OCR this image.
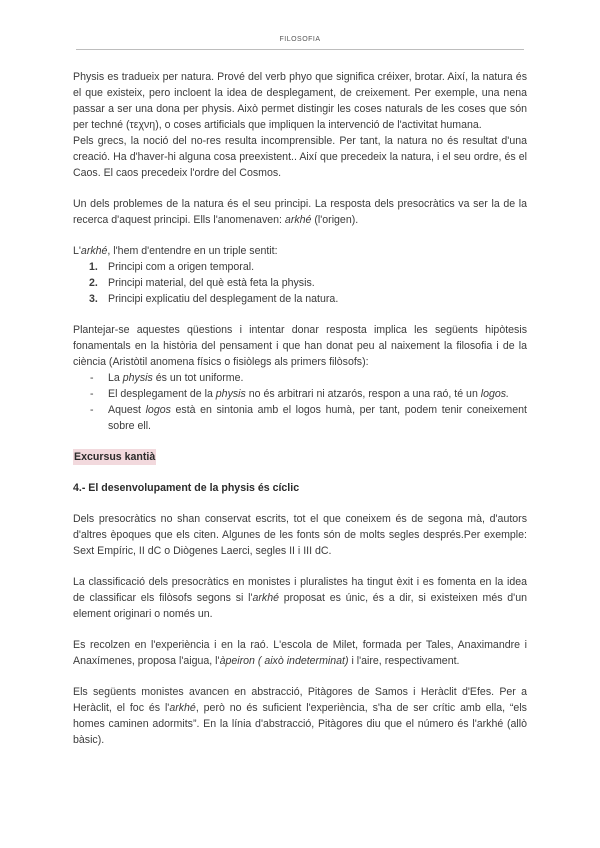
FILOSOFIA

Physis es tradueix per natura. Prové del verb phyo que significa créixer, brotar. Així, la natura és el que existeix, pero incloent la idea de desplegament, de creixement. Per exemple, una nena passar a ser una dona per physis. Això permet distingir les coses naturals de les coses que són per techné (τεχνη), o coses artificials que impliquen la intervenció de l'activitat humana.

Pels grecs, la noció del no-res resulta incomprensible. Per tant, la natura no és resultat d'una creació. Ha d'haver-hi alguna cosa preexistent.. Així que precedeix la natura, i el seu ordre, és el Caos. El caos precedeix l'ordre del Cosmos.

Un dels problemes de la natura és el seu principi. La resposta dels presocràtics va ser la de la recerca d'aquest principi. Ells l'anomenaven: arkhé (l'origen).

L'arkhé, l'hem d'entendre en un triple sentit:

1. Principi com a origen temporal.
2. Principi material, del què està feta la physis.
3. Principi explicatiu del desplegament de la natura.

Plantejar-se aquestes qüestions i intentar donar resposta implica les següents hipòtesis fonamentals en la història del pensament i que han donat peu al naixement la filosofia i de la ciència (Aristòtil anomena físics o fisiòlegs als primers filòsofs):

- La physis és un tot uniforme.
- El desplegament de la physis no és arbitrari ni atzarós, respon a una raó, té un logos.
- Aquest logos està en sintonia amb el logos humà, per tant, podem tenir coneixement sobre ell.

Excursus kantià

4.- El desenvolupament de la physis és cíclic

Dels presocràtics no shan conservat escrits, tot el que coneixem és de segona mà, d'autors d'altres èpoques que els citen. Algunes de les fonts són de molts segles després.Per exemple: Sext Empíric, II dC o Diògenes Laerci, segles II i III dC.

La classificació dels presocràtics en monistes i pluralistes ha tingut èxit i es fomenta en la idea de classificar els filòsofs segons si l'arkhé proposat es únic, és a dir, si existeixen més d'un element originari o només un.

Es recolzen en l'experiència i en la raó. L'escola de Milet, formada per Tales, Anaximandre i Anaxímenes, proposa l'aigua, l'àpeiron ( això indeterminat) i l'aire, respectivament.

Els següents monistes avancen en abstracció, Pitàgores de Samos i Heràclit d'Efes. Per a Heràclit, el foc és l'arkhé, però no és suficient l'experiència, s'ha de ser crític amb ella, “els homes caminen adormits”. En la línia d'abstracció, Pitàgores diu que el número és l'arkhé (allò bàsic).
